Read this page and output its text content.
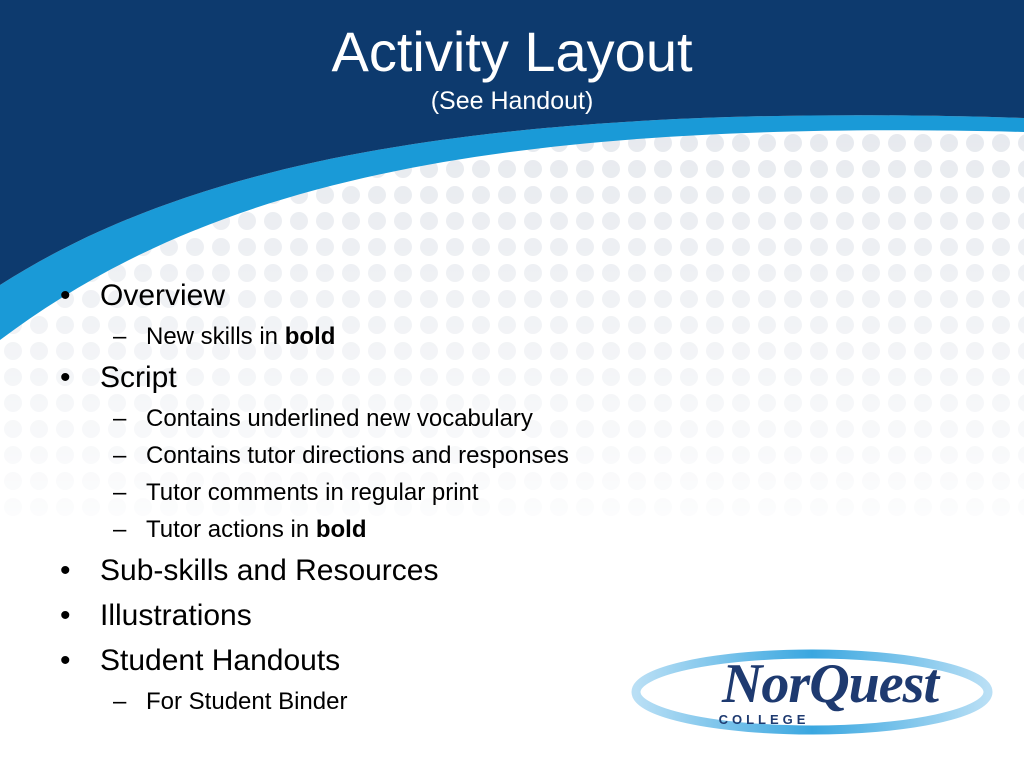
Activity Layout
(See Handout)
• Overview
– New skills in bold
• Script
– Contains underlined new vocabulary
– Contains tutor directions and responses
– Tutor comments in regular print
– Tutor actions in bold
• Sub-skills and Resources
• Illustrations
• Student Handouts
– For Student Binder	NorQuest
COLLEGE
